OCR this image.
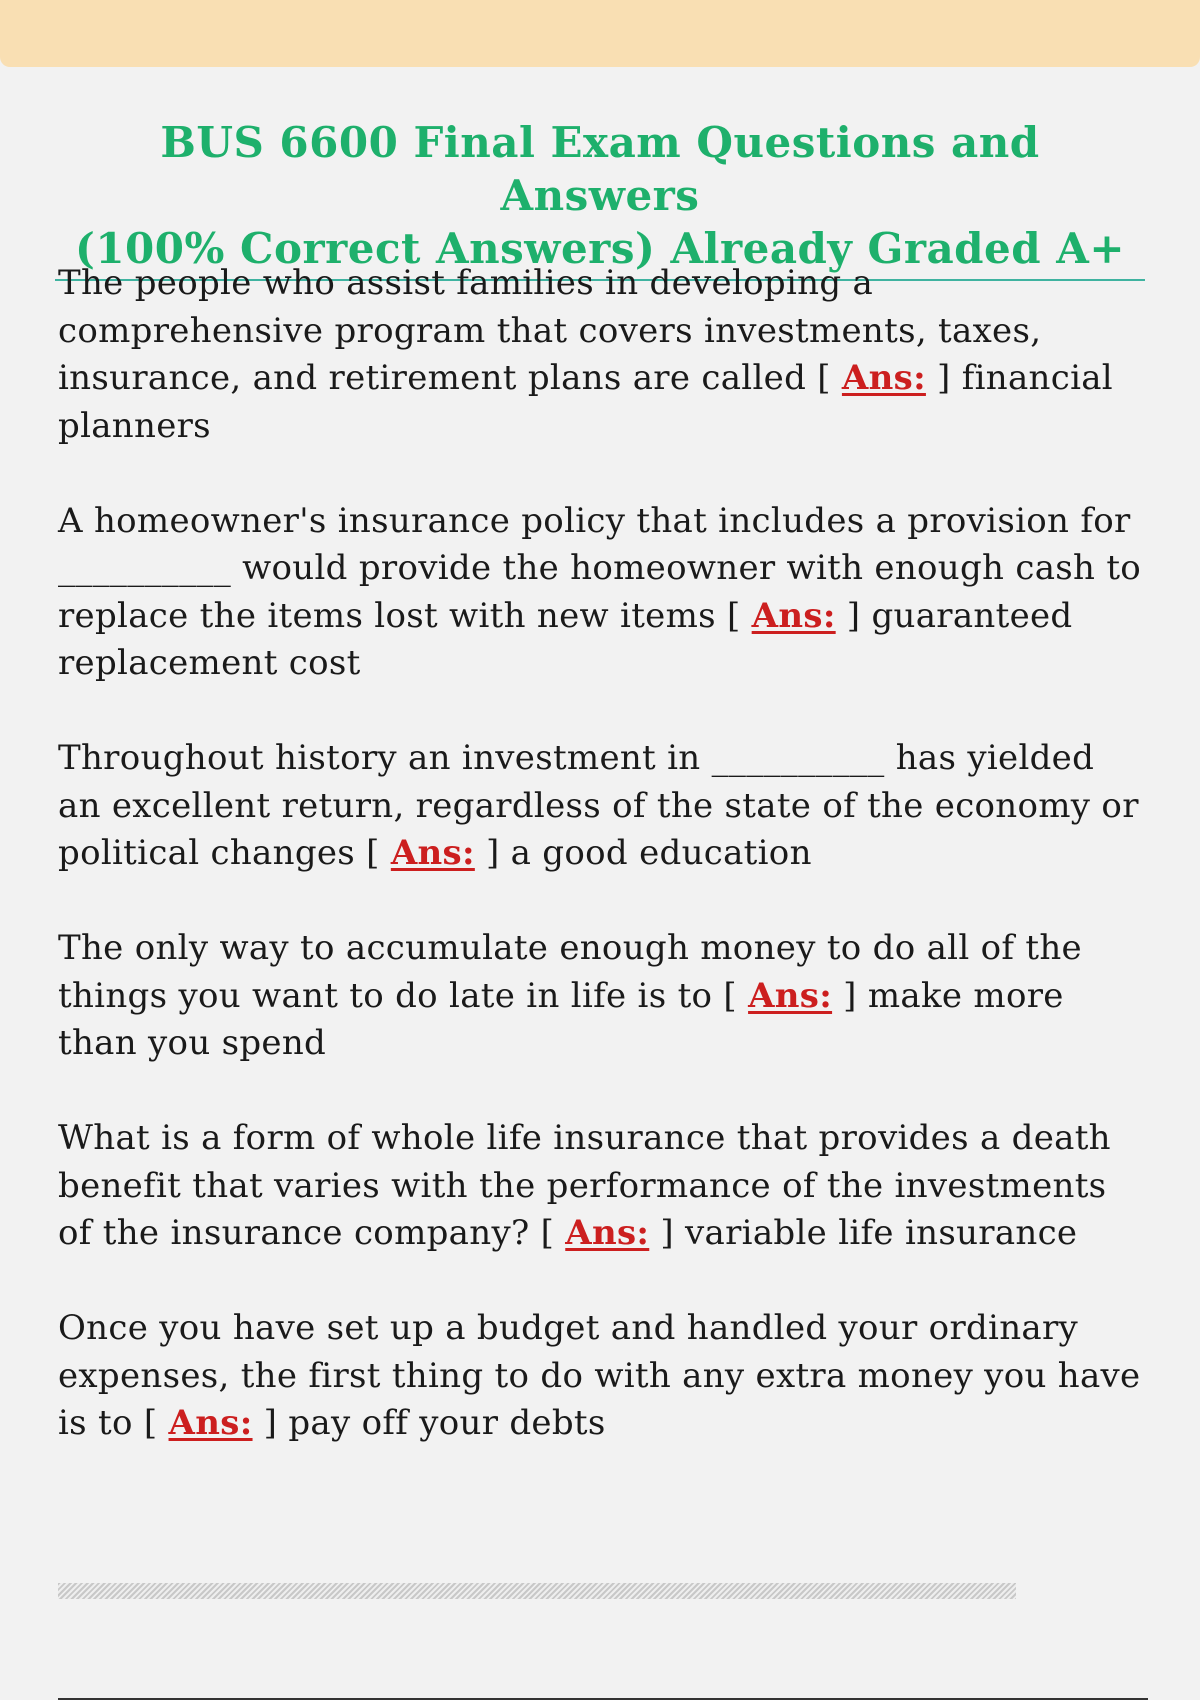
BUS 6600 Final Exam Questions and Answers
(100% Correct Answers) Already Graded A+

The people who assist families in developing a comprehensive program that covers investments, taxes, insurance, and retirement plans are called [ Ans: ] financial planners

A homeowner's insurance policy that includes a provision for __________ would provide the homeowner with enough cash to replace the items lost with new items [ Ans: ] guaranteed replacement cost

Throughout history an investment in __________ has yielded an excellent return, regardless of the state of the economy or political changes [ Ans: ] a good education

The only way to accumulate enough money to do all of the things you want to do late in life is to [ Ans: ] make more than you spend

What is a form of whole life insurance that provides a death benefit that varies with the performance of the investments of the insurance company? [ Ans: ] variable life insurance

Once you have set up a budget and handled your ordinary expenses, the first thing to do with any extra money you have is to [ Ans: ] pay off your debts
